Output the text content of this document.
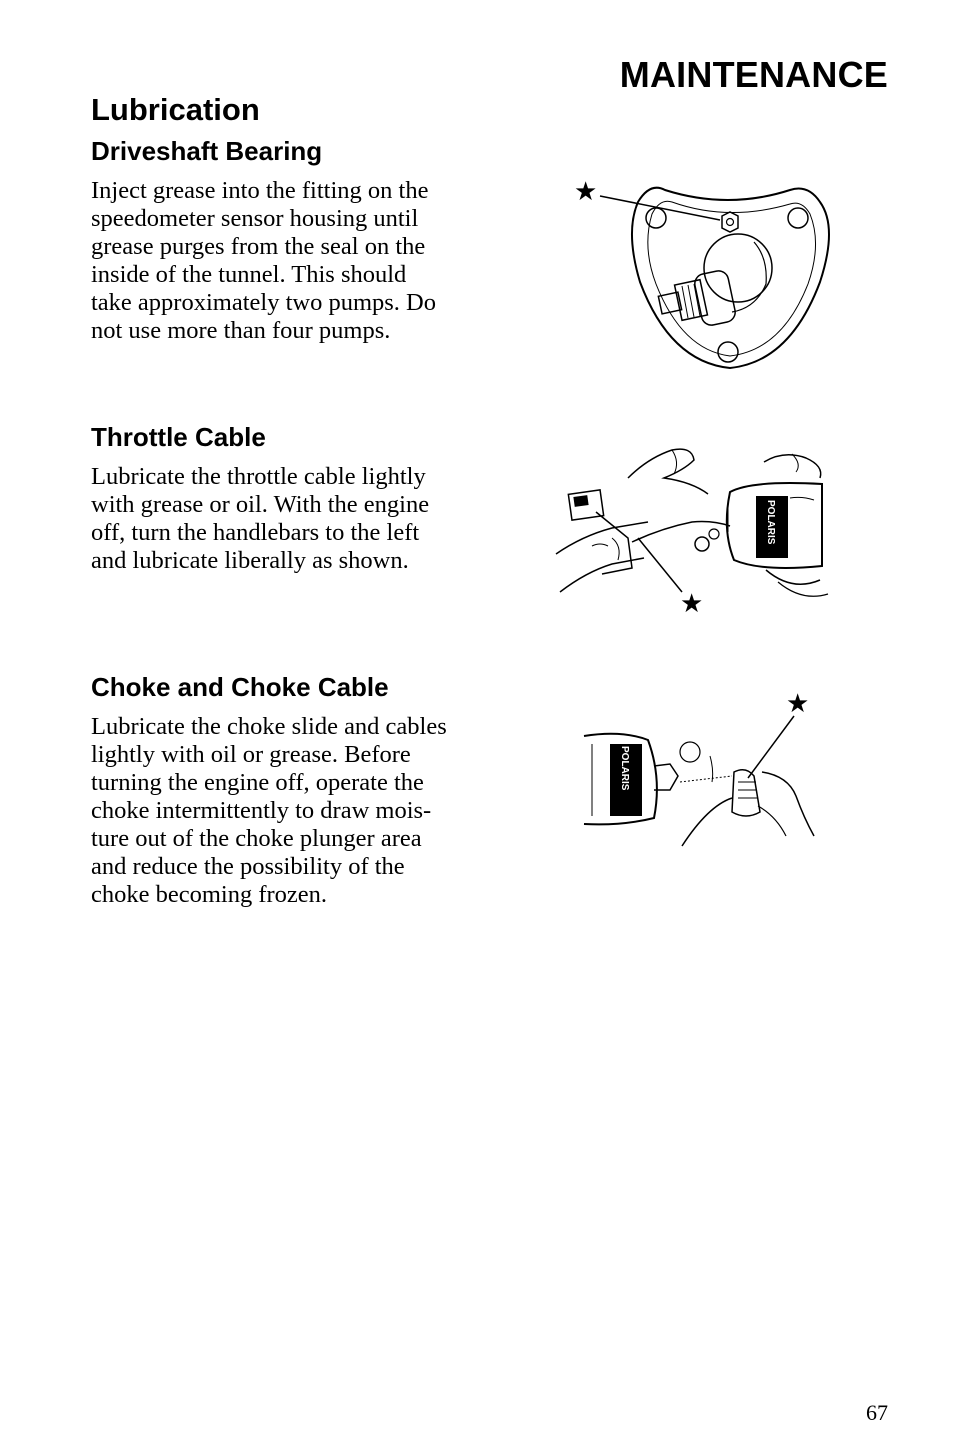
MAINTENANCE
Lubrication
Driveshaft Bearing
Inject grease into the fitting on the
speedometer sensor housing until
grease purges from the seal on the
inside of the tunnel. This should
take approximately two pumps. Do
not use more than four pumps.
Throttle Cable
Lubricate the throttle cable lightly
with grease or oil. With the engine
off, turn the handlebars to the left
and lubricate liberally as shown.
Choke and Choke Cable
Lubricate the choke slide and cables
lightly with oil or grease. Before
turning the engine off, operate the
choke intermittently to draw mois-
ture out of the choke plunger area
and reduce the possibility of the
choke becoming frozen.
★
POLARIS
★
★
POLARIS
67
